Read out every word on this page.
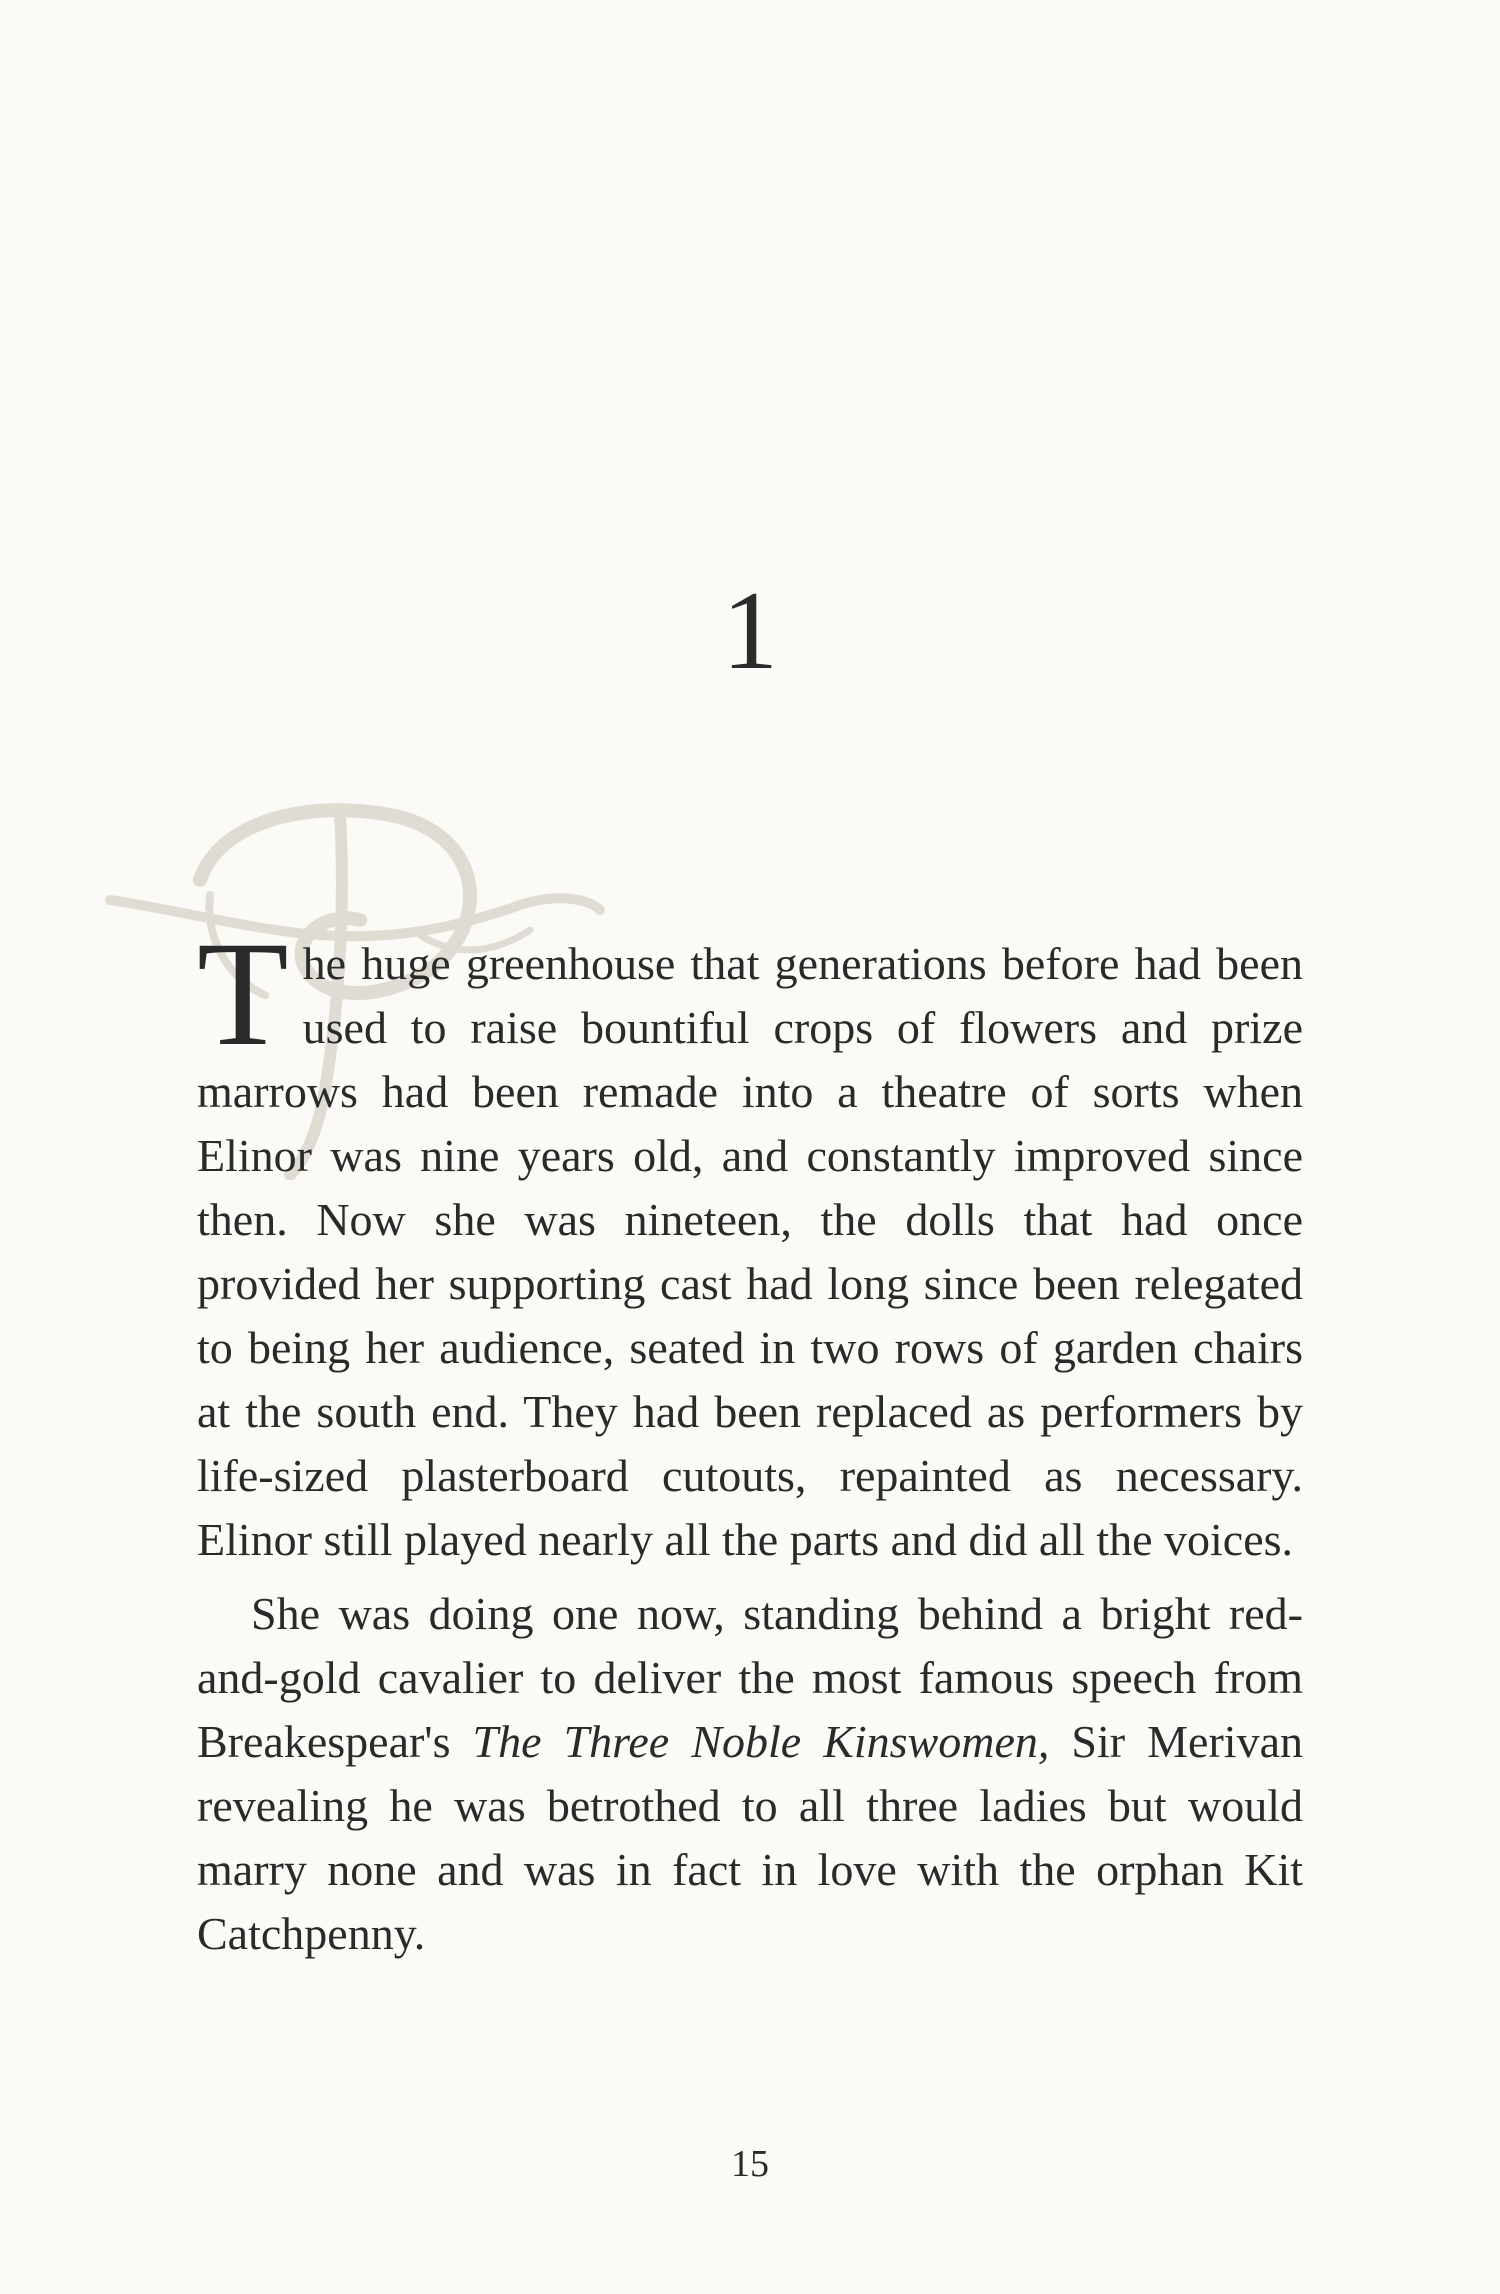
1

The huge greenhouse that generations before had been used to raise bountiful crops of flowers and prize marrows had been remade into a theatre of sorts when Elinor was nine years old, and constantly improved since then. Now she was nineteen, the dolls that had once provided her supporting cast had long since been relegated to being her audience, seated in two rows of garden chairs at the south end. They had been replaced as performers by life-sized plasterboard cutouts, repainted as necessary. Elinor still played nearly all the parts and did all the voices.

She was doing one now, standing behind a bright red-and-gold cavalier to deliver the most famous speech from Breakespear's The Three Noble Kinswomen, Sir Merivan revealing he was betrothed to all three ladies but would marry none and was in fact in love with the orphan Kit Catchpenny.

15
